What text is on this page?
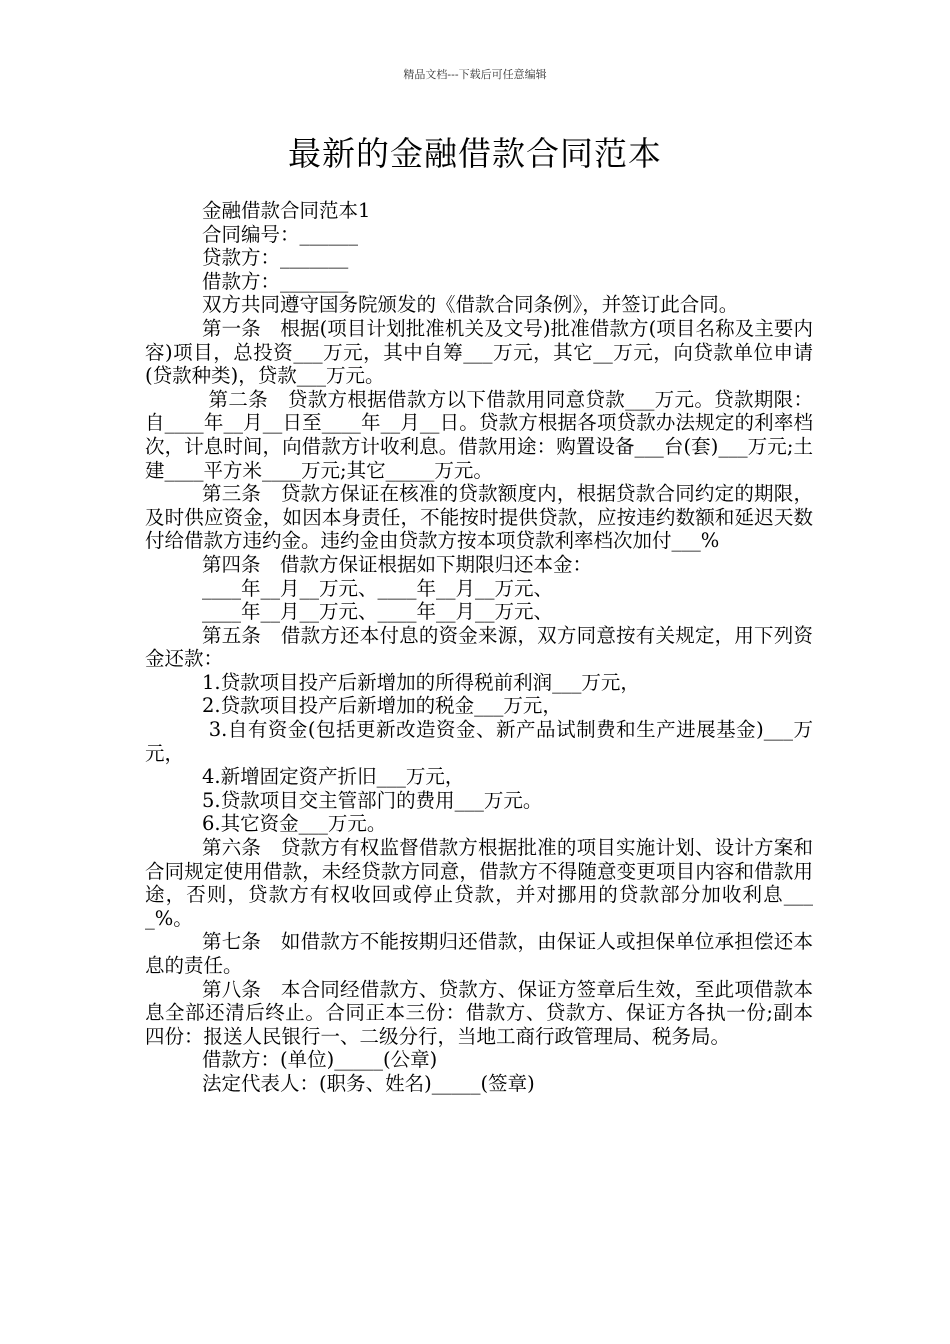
精品文档---下载后可任意编辑
最新的金融借款合同范本

金融借款合同范本1

合同编号：______

贷款方：_______

借款方：_______

双方共同遵守国务院颁发的《借款合同条例》，并签订此合同。

第一条　根据(项目计划批准机关及文号)批准借款方(项目名称及主要内容)项目，总投资___万元，其中自筹___万元，其它__万元，向贷款单位申请(贷款种类)，贷款___万元。

第二条　贷款方根据借款方以下借款用同意贷款___万元。贷款期限：自____年__月__日至____年__月__日。贷款方根据各项贷款办法规定的利率档次，计息时间，向借款方计收利息。借款用途：购置设备___台(套)___万元;土建____平方米____万元;其它_____万元。

第三条　贷款方保证在核准的贷款额度内，根据贷款合同约定的期限，及时供应资金，如因本身责任，不能按时提供贷款，应按违约数额和延迟天数付给借款方违约金。违约金由贷款方按本项贷款利率档次加付___%

第四条　借款方保证根据如下期限归还本金：

____年__月__万元、____年__月__万元、

____年__月__万元、____年__月__万元、

第五条　借款方还本付息的资金来源，双方同意按有关规定，用下列资金还款：

1.贷款项目投产后新增加的所得税前利润___万元，

2.贷款项目投产后新增加的税金___万元，

3.自有资金(包括更新改造资金、新产品试制费和生产进展基金)___万元，

4.新增固定资产折旧___万元，

5.贷款项目交主管部门的费用___万元。

6.其它资金___万元。

第六条　贷款方有权监督借款方根据批准的项目实施计划、设计方案和合同规定使用借款，未经贷款方同意，借款方不得随意变更项目内容和借款用途，否则，贷款方有权收回或停止贷款，并对挪用的贷款部分加收利息____%。

第七条　如借款方不能按期归还借款，由保证人或担保单位承担偿还本息的责任。

第八条　本合同经借款方、贷款方、保证方签章后生效，至此项借款本息全部还清后终止。合同正本三份：借款方、贷款方、保证方各执一份;副本四份：报送人民银行一、二级分行，当地工商行政管理局、税务局。

借款方：(单位)_____(公章)

法定代表人：(职务、姓名)_____(签章)
